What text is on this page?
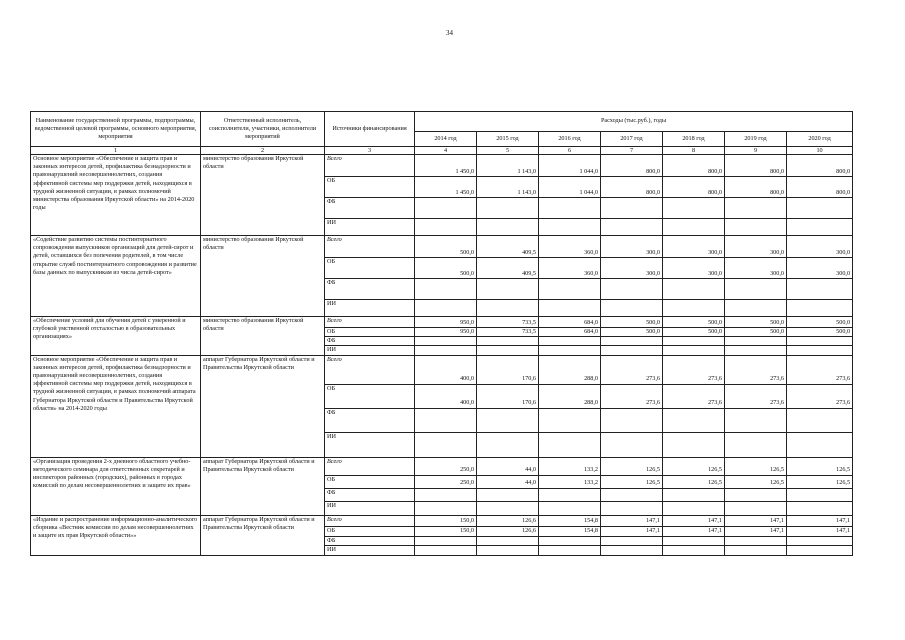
34
Наименование государственной программы, подпрограммы, ведомственной целевой программы, основного мероприятия, мероприятия	Ответственный исполнитель, соисполнители, участники, исполнители мероприятий	Источники финансирования	Расходы (тыс.руб.), годы						
			2014 год	2015 год	2016 год	2017 год	2018 год	2019 год	2020 год
1	2	3	4	5	6	7	8	9	10
Основное мероприятие «Обеспечение и защита прав и законных интересов детей, профилактика безнадзорности и правонарушений несовершеннолетних, создания эффективной системы мер поддержки детей, находящихся в трудной жизненной ситуации, в рамках полномочий министерства образования Иркутской области» на 2014-2020 годы	министерство образования Иркутской области	Всего	1 450,0	1 143,0	1 044,0	800,0	800,0	800,0	800,0
		ОБ	1 450,0	1 143,0	1 044,0	800,0	800,0	800,0	800,0
		ФБ							
		ИИ							
«Содействие развитию системы постинтернатного сопровождения выпускников организаций для детей-сирот и детей, оставшихся без попечения родителей, в том числе открытие служб постинтернатного сопровождения и развитие базы данных по выпускникам из числа детей-сирот»	министерство образования Иркутской области	Всего	500,0	409,5	360,0	300,0	300,0	300,0	300,0
		ОБ	500,0	409,5	360,0	300,0	300,0	300,0	300,0
		ФБ							
		ИИ							
«Обеспечение условий для обучения детей с умеренной и глубокой умственной отсталостью в образовательных организациях»	министерство образования Иркутской области	Всего	950,0	733,5	684,0	500,0	500,0	500,0	500,0
		ОБ	950,0	733,5	684,0	500,0	500,0	500,0	500,0
		ФБ							
		ИИ							
Основное мероприятие «Обеспечение и защита прав и законных интересов детей, профилактика безнадзорности и правонарушений несовершеннолетних, создания эффективной системы мер поддержки детей, находящихся в трудной жизненной ситуации, в рамках полномочий аппарата Губернатора Иркутской области и Правительства Иркутской области» на 2014-2020 годы	аппарат Губернатора Иркутской области и Правительства Иркутской области	Всего	400,0	170,6	288,0	273,6	273,6	273,6	273,6
		ОБ	400,0	170,6	288,0	273,6	273,6	273,6	273,6
		ФБ							
		ИИ							
«Организация проведения 2-х дневного областного учебно-методического семинара для ответственных секретарей и инспекторов районных (городских), районных в городах комиссий по делам несовершеннолетних и защите их прав»	аппарат Губернатора Иркутской области и Правительства Иркутской области	Всего	250,0	44,0	133,2	126,5	126,5	126,5	126,5
		ОБ	250,0	44,0	133,2	126,5	126,5	126,5	126,5
		ФБ							
		ИИ							
«Издание и распространение информационно-аналитического сборника «Вестник комиссии по делам несовершеннолетних и защите их прав Иркутской области»»	аппарат Губернатора Иркутской области и Правительства Иркутской области	Всего	150,0	126,6	154,8	147,1	147,1	147,1	147,1
		ОБ	150,0	126,6	154,8	147,1	147,1	147,1	147,1
		ФБ							
		ИИ							
